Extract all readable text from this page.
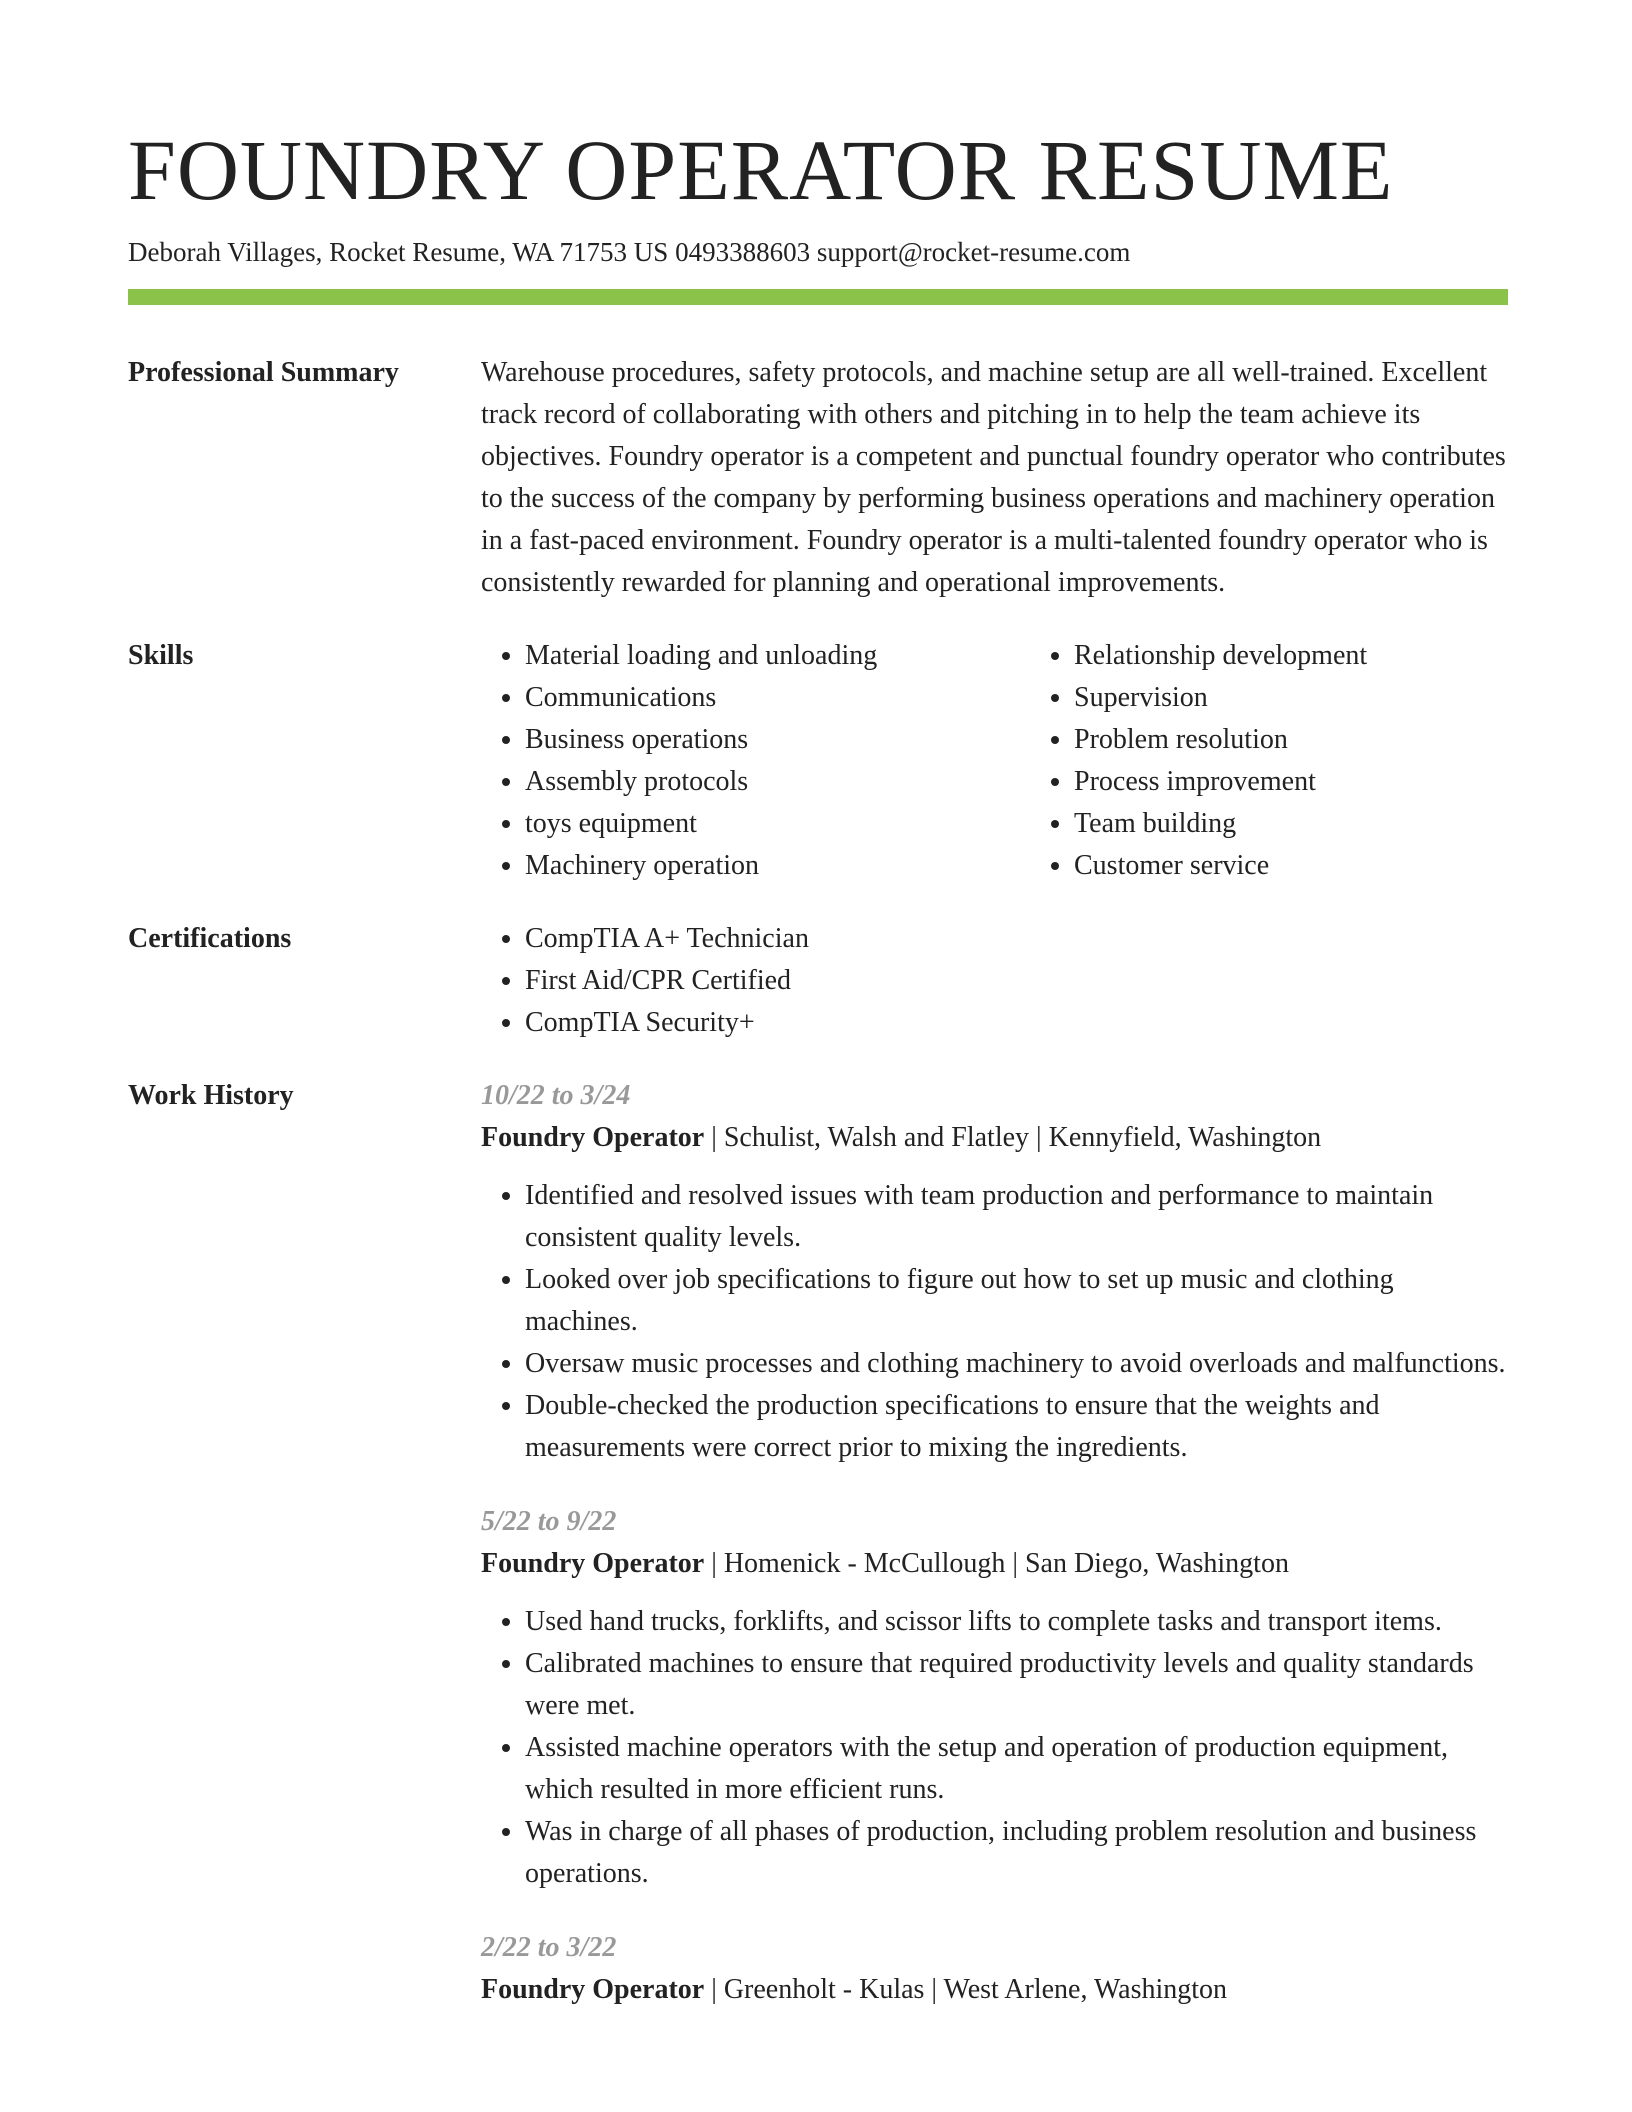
FOUNDRY OPERATOR RESUME
Deborah Villages, Rocket Resume, WA 71753 US 0493388603 support@rocket-resume.com
Professional Summary	Warehouse procedures, safety protocols, and machine setup are all well-trained. Excellent track record of collaborating with others and pitching in to help the team achieve its objectives. Foundry operator is a competent and punctual foundry operator who contributes to the success of the company by performing business operations and machinery operation in a fast-paced environment. Foundry operator is a multi-talented foundry operator who is consistently rewarded for planning and operational improvements.
Skills	• Material loading and unloading
• Communications
• Business operations
• Assembly protocols
• toys equipment
• Machinery operation
• Relationship development
• Supervision
• Problem resolution
• Process improvement
• Team building
• Customer service
Certifications	• CompTIA A+ Technician
• First Aid/CPR Certified
• CompTIA Security+
Work History	10/22 to 3/24
Foundry Operator | Schulist, Walsh and Flatley | Kennyfield, Washington
• Identified and resolved issues with team production and performance to maintain consistent quality levels.
• Looked over job specifications to figure out how to set up music and clothing machines.
• Oversaw music processes and clothing machinery to avoid overloads and malfunctions.
• Double-checked the production specifications to ensure that the weights and measurements were correct prior to mixing the ingredients.
5/22 to 9/22
Foundry Operator | Homenick - McCullough | San Diego, Washington
• Used hand trucks, forklifts, and scissor lifts to complete tasks and transport items.
• Calibrated machines to ensure that required productivity levels and quality standards were met.
• Assisted machine operators with the setup and operation of production equipment, which resulted in more efficient runs.
• Was in charge of all phases of production, including problem resolution and business operations.
2/22 to 3/22
Foundry Operator | Greenholt - Kulas | West Arlene, Washington
